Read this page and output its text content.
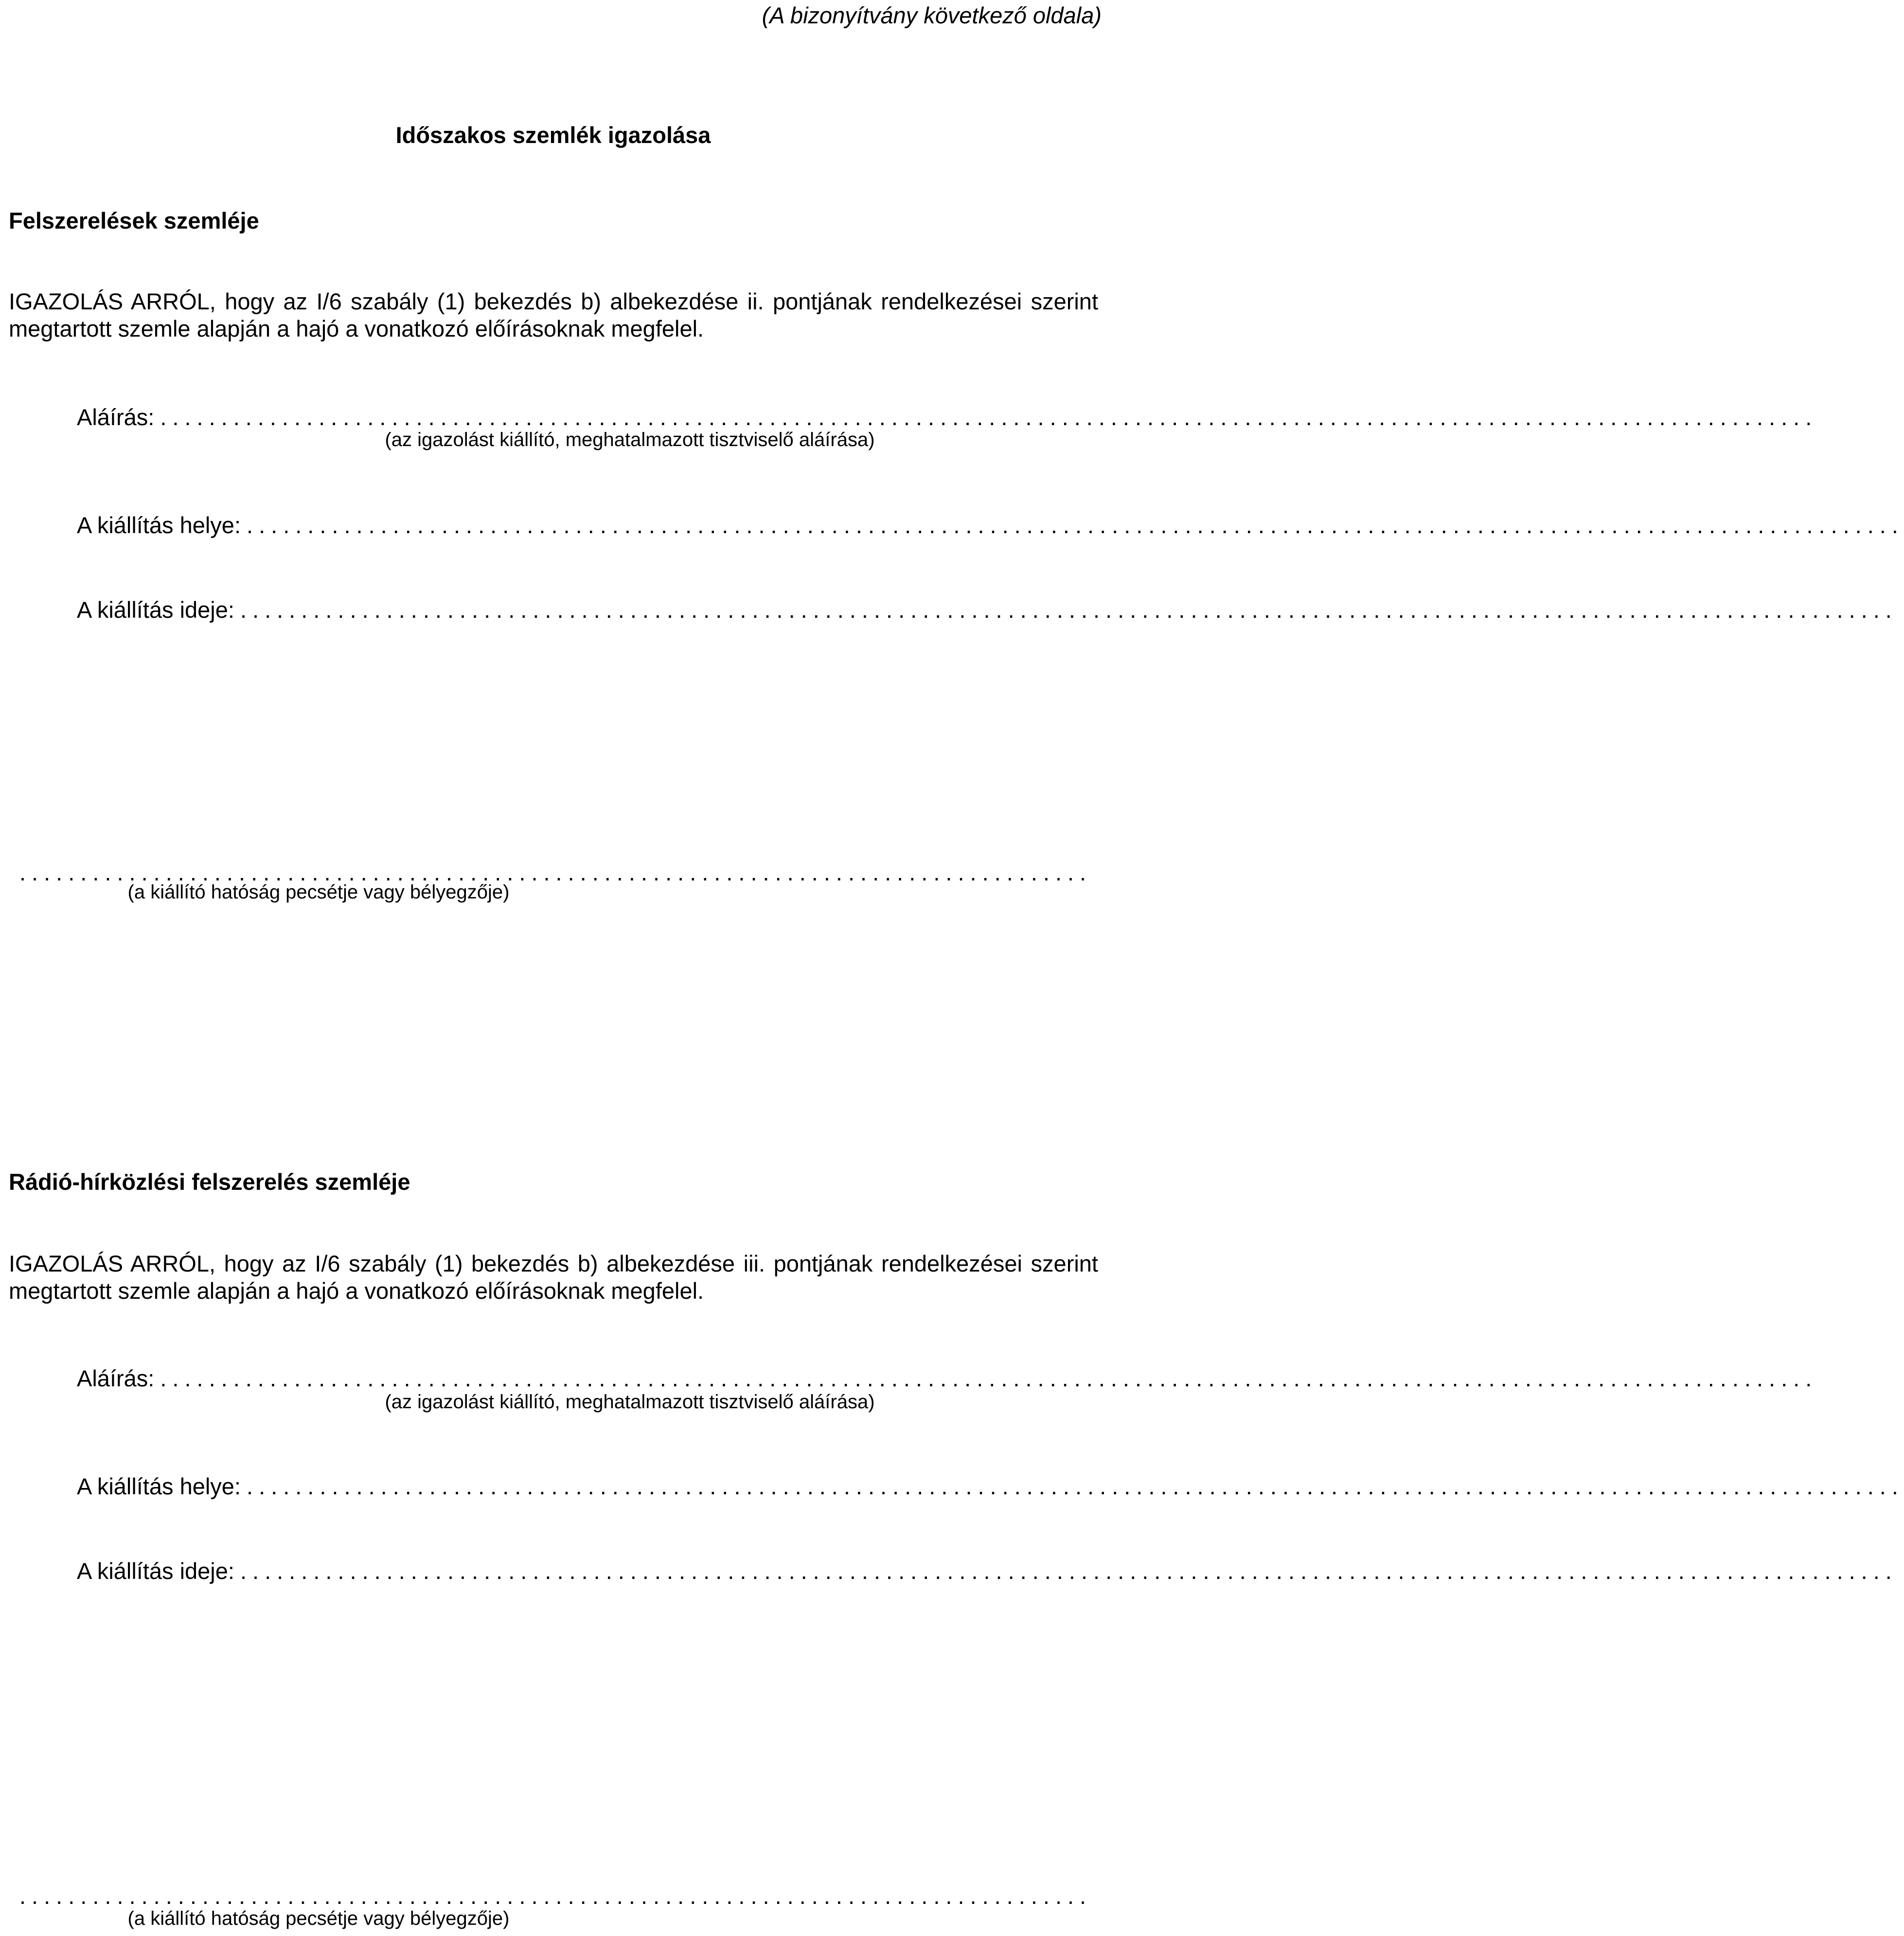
(A bizonyítvány következő oldala)
Időszakos szemlék igazolása
Felszerelések szemléje
IGAZOLÁS ARRÓL, hogy az I/6 szabály (1) bekezdés b) albekezdése ii. pontjának rendelkezései szerint
megtartott szemle alapján a hajó a vonatkozó előírásoknak megfelel.
Aláírás: ........................................................................................................................................
(az igazolást kiállító, meghatalmazott tisztviselő aláírása)
A kiállítás helye: ........................................................................................................................................
A kiállítás ideje: ........................................................................................................................................
........................................................................................
(a kiállító hatóság pecsétje vagy bélyegzője)
Rádió-hírközlési felszerelés szemléje
IGAZOLÁS ARRÓL, hogy az I/6 szabály (1) bekezdés b) albekezdése iii. pontjának rendelkezései szerint
megtartott szemle alapján a hajó a vonatkozó előírásoknak megfelel.
Aláírás: ........................................................................................................................................
(az igazolást kiállító, meghatalmazott tisztviselő aláírása)
A kiállítás helye: ........................................................................................................................................
A kiállítás ideje: ........................................................................................................................................
........................................................................................
(a kiállító hatóság pecsétje vagy bélyegzője)
